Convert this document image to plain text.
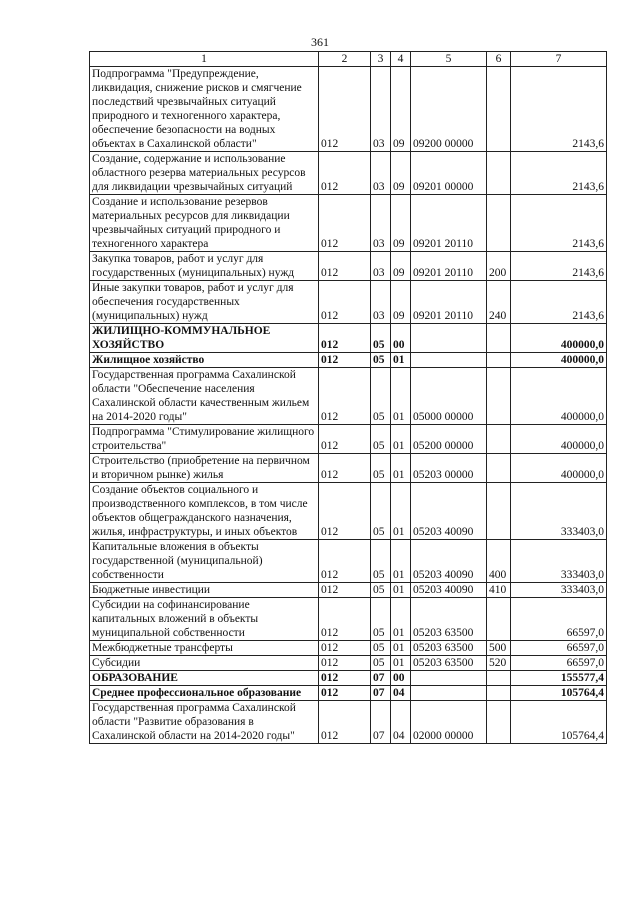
361
1	2	3	4	5	6	7
Подпрограмма "Предупреждение, ликвидация, снижение рисков и смягчение последствий чрезвычайных ситуаций природного и техногенного характера, обеспечение безопасности на водных объектах в Сахалинской области"	012	03	09	09200 00000		2143,6
Создание, содержание и использование областного резерва материальных ресурсов для ликвидации чрезвычайных ситуаций	012	03	09	09201 00000		2143,6
Создание и использование резервов материальных ресурсов для ликвидации чрезвычайных ситуаций природного и техногенного характера	012	03	09	09201 20110		2143,6
Закупка товаров, работ и услуг для государственных (муниципальных) нужд	012	03	09	09201 20110	200	2143,6
Иные закупки товаров, работ и услуг для обеспечения государственных (муниципальных) нужд	012	03	09	09201 20110	240	2143,6
ЖИЛИЩНО-КОММУНАЛЬНОЕ ХОЗЯЙСТВО	012	05	00			400000,0
Жилищное хозяйство	012	05	01			400000,0
Государственная программа Сахалинской области "Обеспечение населения Сахалинской области качественным жильем на 2014-2020 годы"	012	05	01	05000 00000		400000,0
Подпрограмма "Стимулирование жилищного строительства"	012	05	01	05200 00000		400000,0
Строительство (приобретение на первичном и вторичном рынке) жилья	012	05	01	05203 00000		400000,0
Создание объектов социального и производственного комплексов, в том числе объектов общегражданского назначения, жилья, инфраструктуры, и иных объектов	012	05	01	05203 40090		333403,0
Капитальные вложения в объекты государственной (муниципальной) собственности	012	05	01	05203 40090	400	333403,0
Бюджетные инвестиции	012	05	01	05203 40090	410	333403,0
Субсидии на софинансирование капитальных вложений в объекты муниципальной собственности	012	05	01	05203 63500		66597,0
Межбюджетные трансферты	012	05	01	05203 63500	500	66597,0
Субсидии	012	05	01	05203 63500	520	66597,0
ОБРАЗОВАНИЕ	012	07	00			155577,4
Среднее профессиональное образование	012	07	04			105764,4
Государственная программа Сахалинской области "Развитие образования в Сахалинской области на 2014-2020 годы"	012	07	04	02000 00000		105764,4
